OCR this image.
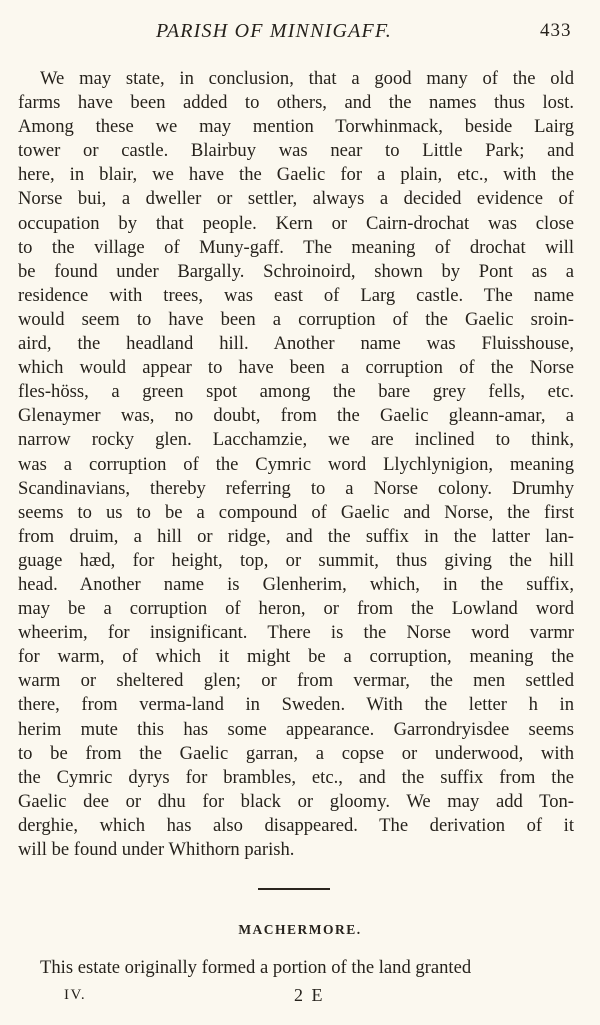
PARISH OF MINNIGAFF.	433
We may state, in conclusion, that a good many of the old
farms have been added to others, and the names thus lost.
Among these we may mention Torwhinmack, beside Lairg
tower or castle. Blairbuy was near to Little Park; and
here, in blair, we have the Gaelic for a plain, etc., with the
Norse bui, a dweller or settler, always a decided evidence of
occupation by that people. Kern or Cairn-drochat was close
to the village of Muny-gaff. The meaning of drochat will
be found under Bargally. Schroinoird, shown by Pont as a
residence with trees, was east of Larg castle. The name
would seem to have been a corruption of the Gaelic sroin-
aird, the headland hill. Another name was Fluisshouse,
which would appear to have been a corruption of the Norse
fles-höss, a green spot among the bare grey fells, etc.
Glenaymer was, no doubt, from the Gaelic gleann-amar, a
narrow rocky glen. Lacchamzie, we are inclined to think,
was a corruption of the Cymric word Llychlynigion, meaning
Scandinavians, thereby referring to a Norse colony. Drumhy
seems to us to be a compound of Gaelic and Norse, the first
from druim, a hill or ridge, and the suffix in the latter lan-
guage hæd, for height, top, or summit, thus giving the hill
head. Another name is Glenherim, which, in the suffix,
may be a corruption of heron, or from the Lowland word
wheerim, for insignificant. There is the Norse word varmr
for warm, of which it might be a corruption, meaning the
warm or sheltered glen; or from vermar, the men settled
there, from verma-land in Sweden. With the letter h in
herim mute this has some appearance. Garrondryisdee seems
to be from the Gaelic garran, a copse or underwood, with
the Cymric dyrys for brambles, etc., and the suffix from the
Gaelic dee or dhu for black or gloomy. We may add Ton-
derghie, which has also disappeared. The derivation of it
will be found under Whithorn parish.
MACHERMORE.
This estate originally formed a portion of the land granted
IV.	2 E
